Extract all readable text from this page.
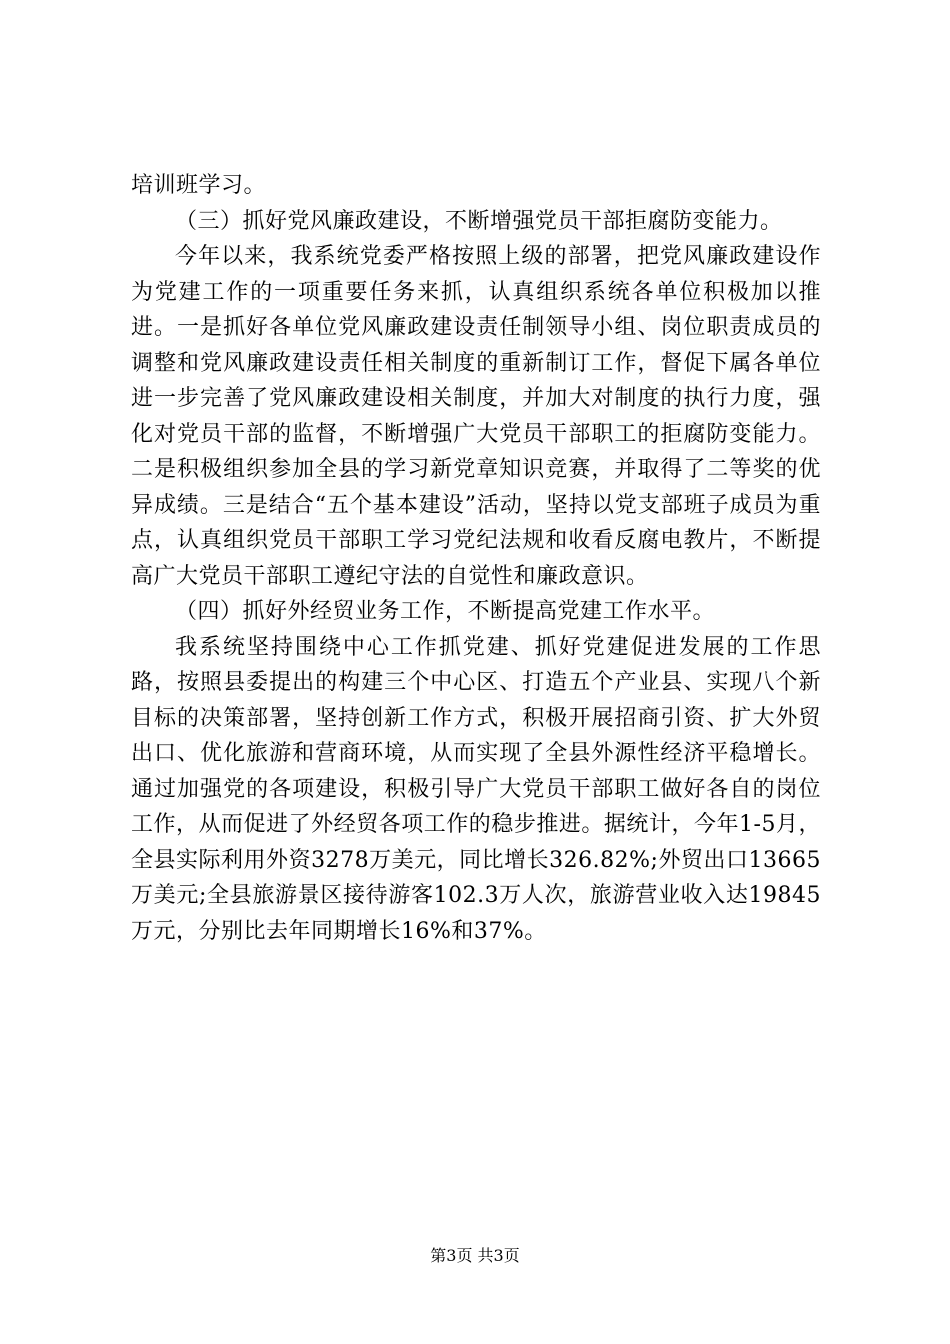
培训班学习。

（三）抓好党风廉政建设，不断增强党员干部拒腐防变能力。

今年以来，我系统党委严格按照上级的部署，把党风廉政建设作为党建工作的一项重要任务来抓，认真组织系统各单位积极加以推进。一是抓好各单位党风廉政建设责任制领导小组、岗位职责成员的调整和党风廉政建设责任相关制度的重新制订工作，督促下属各单位进一步完善了党风廉政建设相关制度，并加大对制度的执行力度，强化对党员干部的监督，不断增强广大党员干部职工的拒腐防变能力。二是积极组织参加全县的学习新党章知识竞赛，并取得了二等奖的优异成绩。三是结合“五个基本建设”活动，坚持以党支部班子成员为重点，认真组织党员干部职工学习党纪法规和收看反腐电教片，不断提高广大党员干部职工遵纪守法的自觉性和廉政意识。

（四）抓好外经贸业务工作，不断提高党建工作水平。

我系统坚持围绕中心工作抓党建、抓好党建促进发展的工作思路，按照县委提出的构建三个中心区、打造五个产业县、实现八个新目标的决策部署，坚持创新工作方式，积极开展招商引资、扩大外贸出口、优化旅游和营商环境，从而实现了全县外源性经济平稳增长。通过加强党的各项建设，积极引导广大党员干部职工做好各自的岗位工作，从而促进了外经贸各项工作的稳步推进。据统计，今年1-5月，全县实际利用外资3278万美元，同比增长326.82%;外贸出口13665万美元;全县旅游景区接待游客102.3万人次，旅游营业收入达19845万元，分别比去年同期增长16%和37%。

第3页 共3页
